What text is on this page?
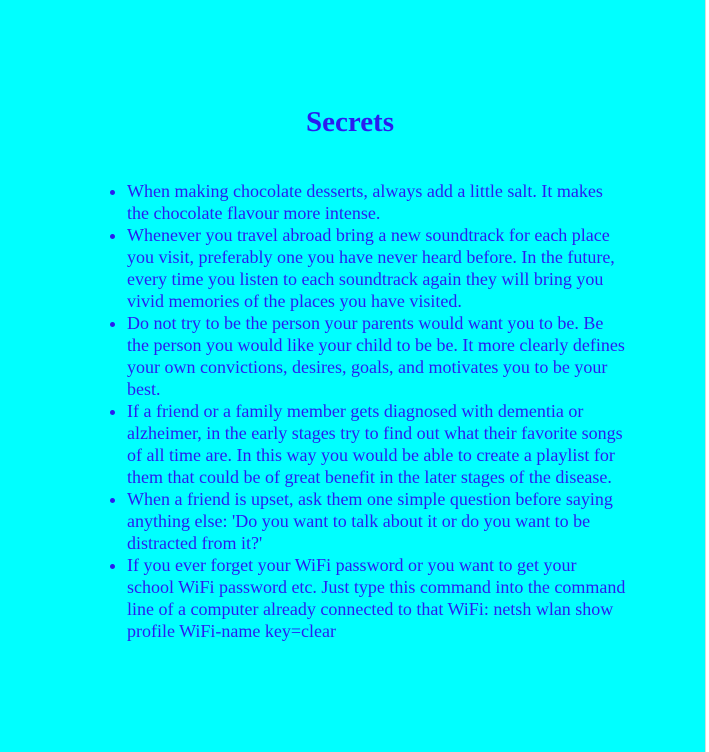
Secrets
• When making chocolate desserts, always add a little salt. It makes the chocolate flavour more intense.
• Whenever you travel abroad bring a new soundtrack for each place you visit, preferably one you have never heard before. In the future, every time you listen to each soundtrack again they will bring you vivid memories of the places you have visited.
• Do not try to be the person your parents would want you to be. Be the person you would like your child to be be. It more clearly defines your own convictions, desires, goals, and motivates you to be your best.
• If a friend or a family member gets diagnosed with dementia or alzheimer, in the early stages try to find out what their favorite songs of all time are. In this way you would be able to create a playlist for them that could be of great benefit in the later stages of the disease.
• When a friend is upset, ask them one simple question before saying anything else: 'Do you want to talk about it or do you want to be distracted from it?'
• If you ever forget your WiFi password or you want to get your school WiFi password etc. Just type this command into the command line of a computer already connected to that WiFi: netsh wlan show profile WiFi-name key=clear
